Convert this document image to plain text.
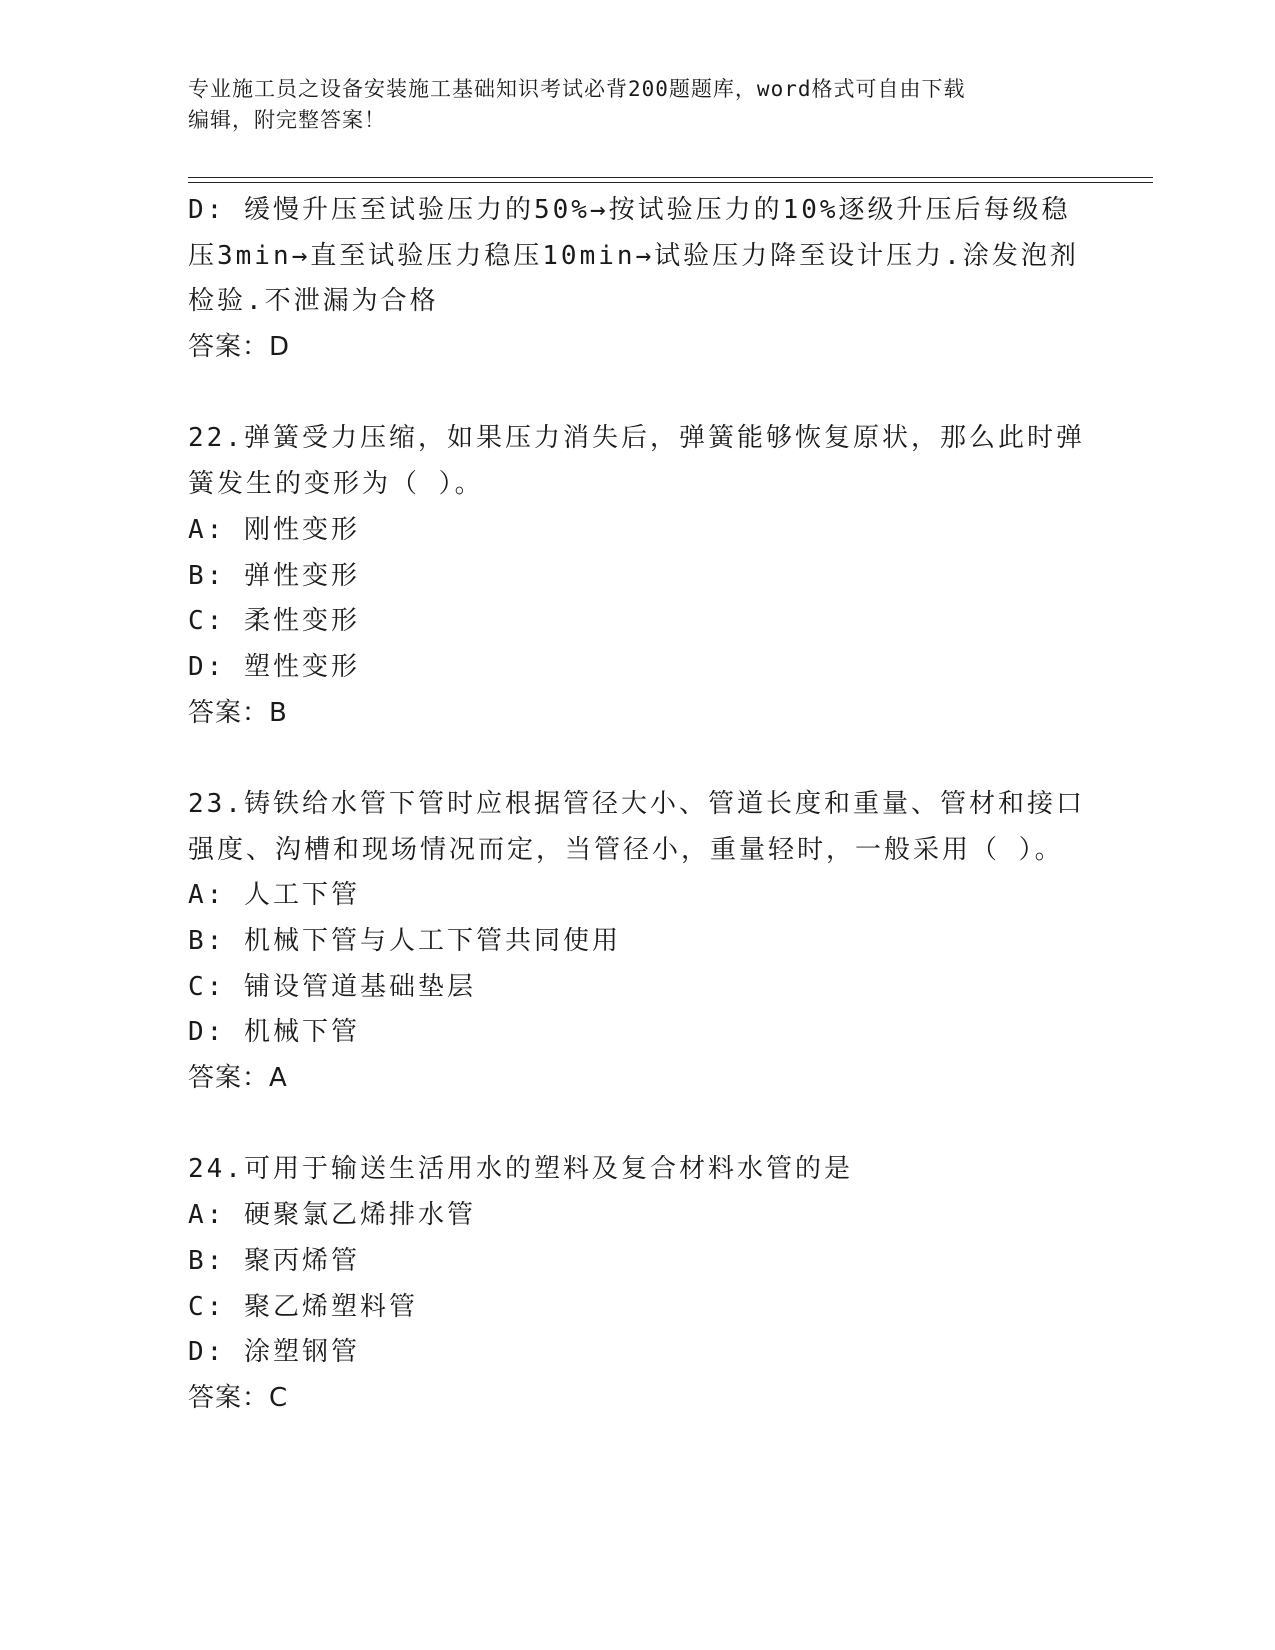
专业施工员之设备安装施工基础知识考试必背200题题库，word格式可自由下载
编辑，附完整答案！
D: 缓慢升压至试验压力的50%→按试验压力的10%逐级升压后每级稳
压3min→直至试验压力稳压10min→试验压力降至设计压力.涂发泡剂
检验.不泄漏为合格
答案：D
22.弹簧受力压缩，如果压力消失后，弹簧能够恢复原状，那么此时弹
簧发生的变形为（ ）。
A: 刚性变形
B: 弹性变形
C: 柔性变形
D: 塑性变形
答案：B
23.铸铁给水管下管时应根据管径大小、管道长度和重量、管材和接口
强度、沟槽和现场情况而定，当管径小，重量轻时，一般采用（ ）。
A: 人工下管
B: 机械下管与人工下管共同使用
C: 铺设管道基础垫层
D: 机械下管
答案：A
24.可用于输送生活用水的塑料及复合材料水管的是
A: 硬聚氯乙烯排水管
B: 聚丙烯管
C: 聚乙烯塑料管
D: 涂塑钢管
答案：C
